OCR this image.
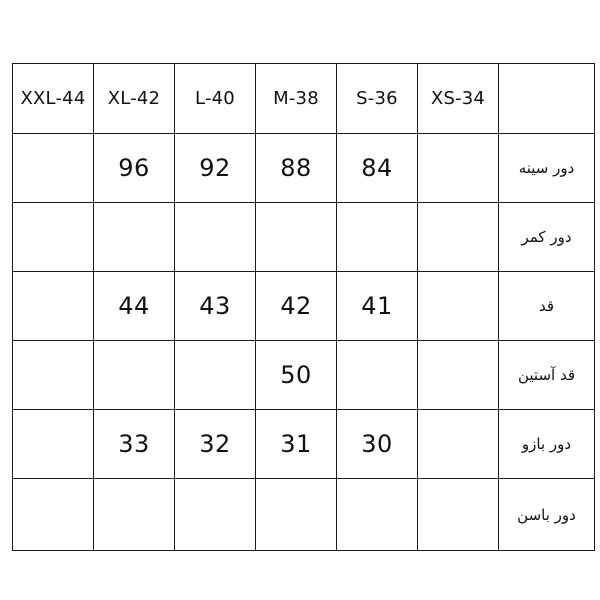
XXL-44	XL-42	L-40	M-38	S-36	XS-34	
	96	92	88	84		دور سینه
						دور کمر
	44	43	42	41		قد
			50			قد آستین
	33	32	31	30		دور بازو
						دور باسن
